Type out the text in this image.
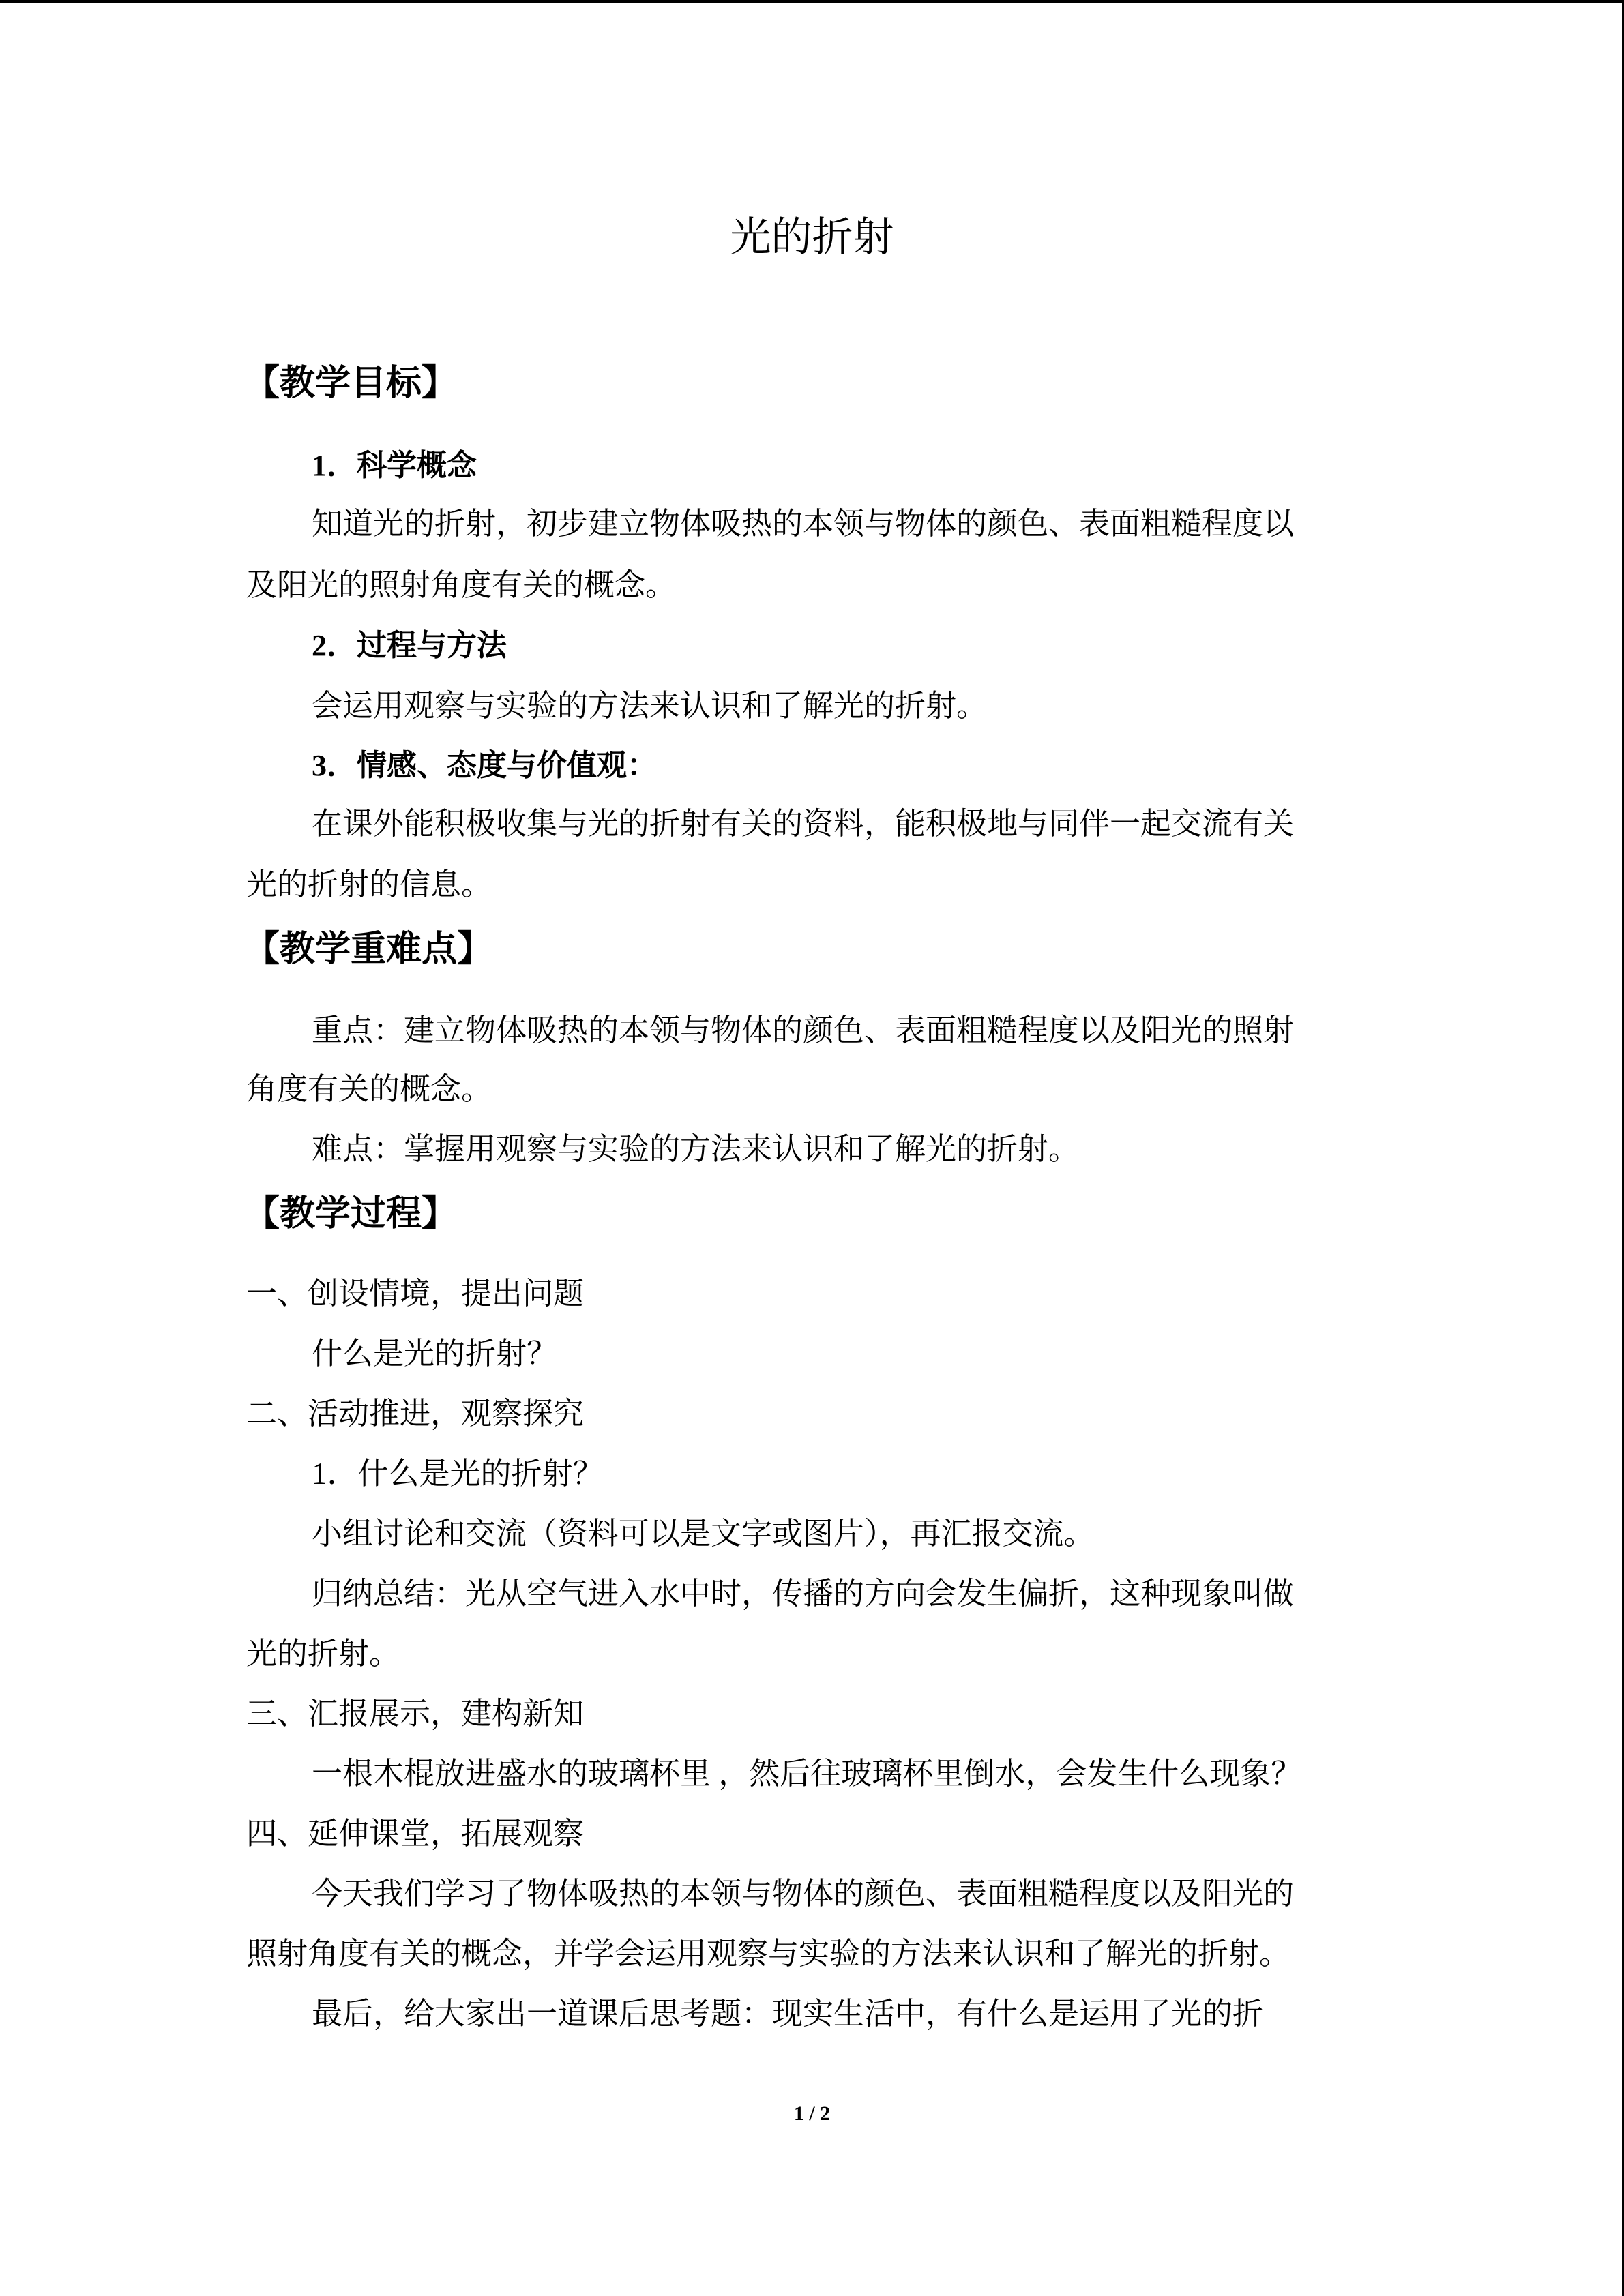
光的折射
【教学目标】
1．科学概念
知道光的折射，初步建立物体吸热的本领与物体的颜色、表面粗糙程度以
及阳光的照射角度有关的概念。
2．过程与方法
会运用观察与实验的方法来认识和了解光的折射。
3．情感、态度与价值观：
在课外能积极收集与光的折射有关的资料，能积极地与同伴一起交流有关
光的折射的信息。
【教学重难点】
重点：建立物体吸热的本领与物体的颜色、表面粗糙程度以及阳光的照射
角度有关的概念。
难点：掌握用观察与实验的方法来认识和了解光的折射。
【教学过程】
一、创设情境，提出问题
什么是光的折射？
二、活动推进，观察探究
1．什么是光的折射？
小组讨论和交流（资料可以是文字或图片），再汇报交流。
归纳总结：光从空气进入水中时，传播的方向会发生偏折，这种现象叫做
光的折射。
三、汇报展示，建构新知
一根木棍放进盛水的玻璃杯里 ，然后往玻璃杯里倒水，会发生什么现象？
四、延伸课堂，拓展观察
今天我们学习了物体吸热的本领与物体的颜色、表面粗糙程度以及阳光的
照射角度有关的概念，并学会运用观察与实验的方法来认识和了解光的折射。
最后，给大家出一道课后思考题：现实生活中，有什么是运用了光的折
1 / 2
